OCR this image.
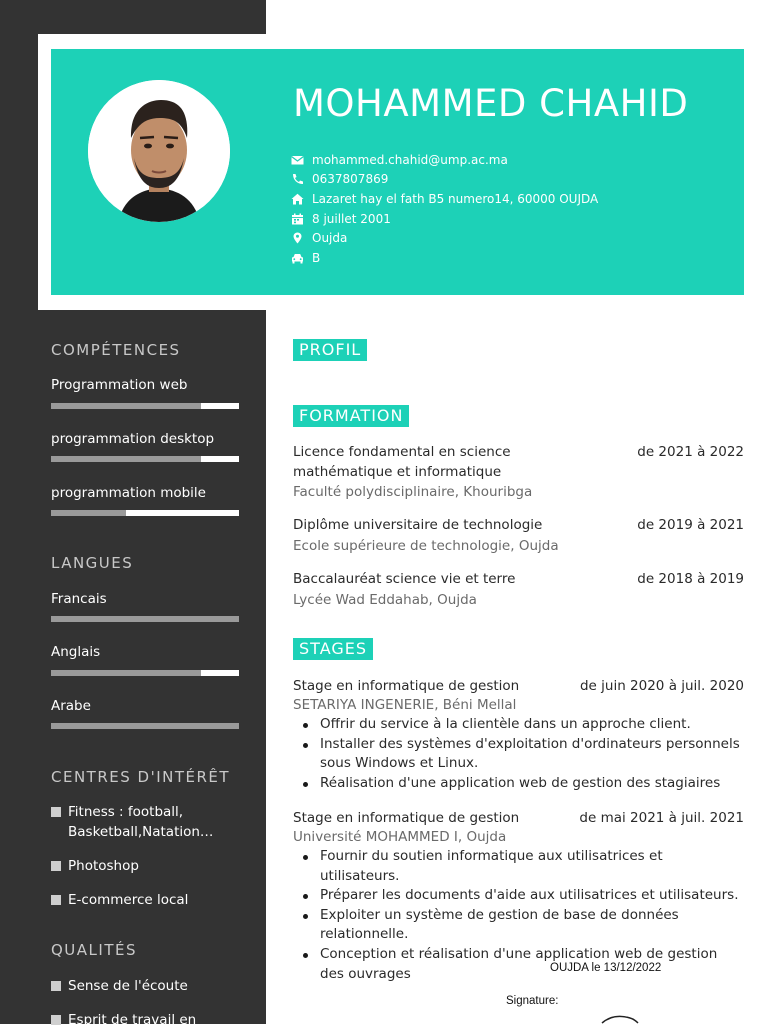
MOHAMMED CHAHID
mohammed.chahid@ump.ac.ma
0637807869
Lazaret hay el fath B5 numero14, 60000 OUJDA
8 juillet 2001
Oujda
B
COMPÉTENCES
Programmation web
programmation desktop
programmation mobile
LANGUES
Francais
Anglais
Arabe
CENTRES D'INTÉRÊT
Fitness : football, Basketball,Natation…
Photoshop
E-commerce local
QUALITÉS
Sense de l'écoute
Esprit de travail en
PROFIL
FORMATION
Licence fondamental en science mathématique et informatique
de 2021 à 2022
Faculté polydisciplinaire, Khouribga
Diplôme universitaire de technologie	de 2019 à 2021
Ecole supérieure de technologie, Oujda
Baccalauréat science vie et terre	de 2018 à 2019
Lycée Wad Eddahab, Oujda
STAGES
Stage en informatique de gestion	de juin 2020 à juil. 2020
SETARIYA INGENERIE, Béni Mellal
Offrir du service à la clientèle dans un approche client.
Installer des systèmes d'exploitation d'ordinateurs personnels sous Windows et Linux.
Réalisation d'une application web de gestion des stagiaires
Stage en informatique de gestion	de mai 2021 à juil. 2021
Université MOHAMMED I, Oujda
Fournir du soutien informatique aux utilisatrices et utilisateurs.
Préparer les documents d'aide aux utilisatrices et utilisateurs.
Exploiter un système de gestion de base de données relationnelle.
Conception et réalisation d'une application web de gestion des ouvrages	OUJDA le 13/12/2022
Signature:
